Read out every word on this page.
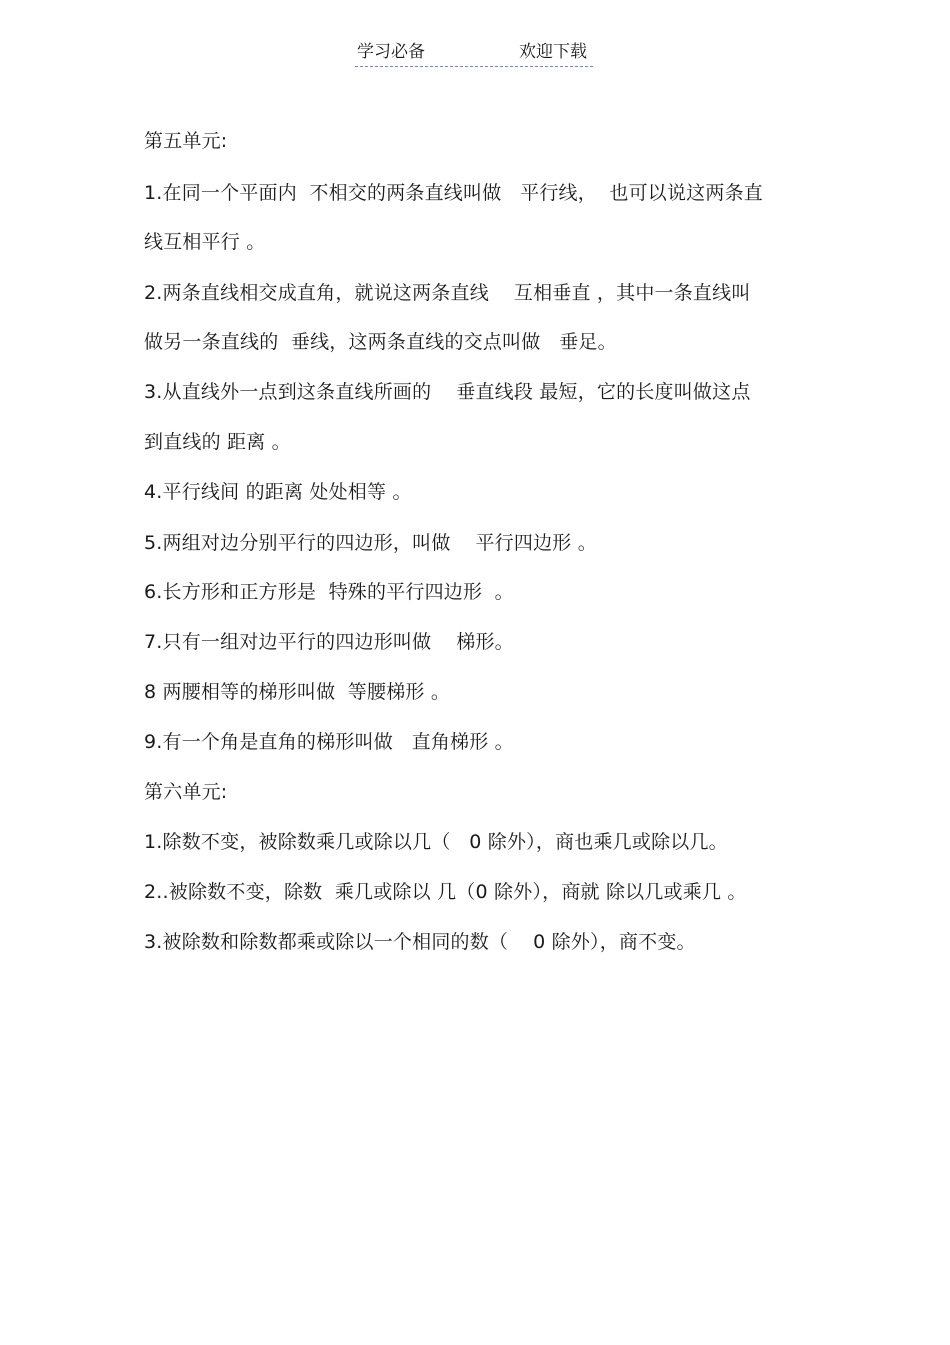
学习必备	欢迎下载
第五单元:
1.在同一个平面内  不相交的两条直线叫做   平行线，  也可以说这两条直
线互相平行 。
2.两条直线相交成直角，就说这两条直线    互相垂直 ，其中一条直线叫
做另一条直线的  垂线，这两条直线的交点叫做   垂足。
3.从直线外一点到这条直线所画的    垂直线段 最短，它的长度叫做这点
到直线的 距离 。
4.平行线间 的距离 处处相等 。
5.两组对边分别平行的四边形，叫做    平行四边形 。
6.长方形和正方形是  特殊的平行四边形  。
7.只有一组对边平行的四边形叫做    梯形。
8 两腰相等的梯形叫做  等腰梯形 。
9.有一个角是直角的梯形叫做   直角梯形 。
第六单元:
1.除数不变，被除数乘几或除以几（   0 除外），商也乘几或除以几。
2..被除数不变，除数  乘几或除以 几（0 除外），商就 除以几或乘几 。
3.被除数和除数都乘或除以一个相同的数（    0 除外），商不变。
